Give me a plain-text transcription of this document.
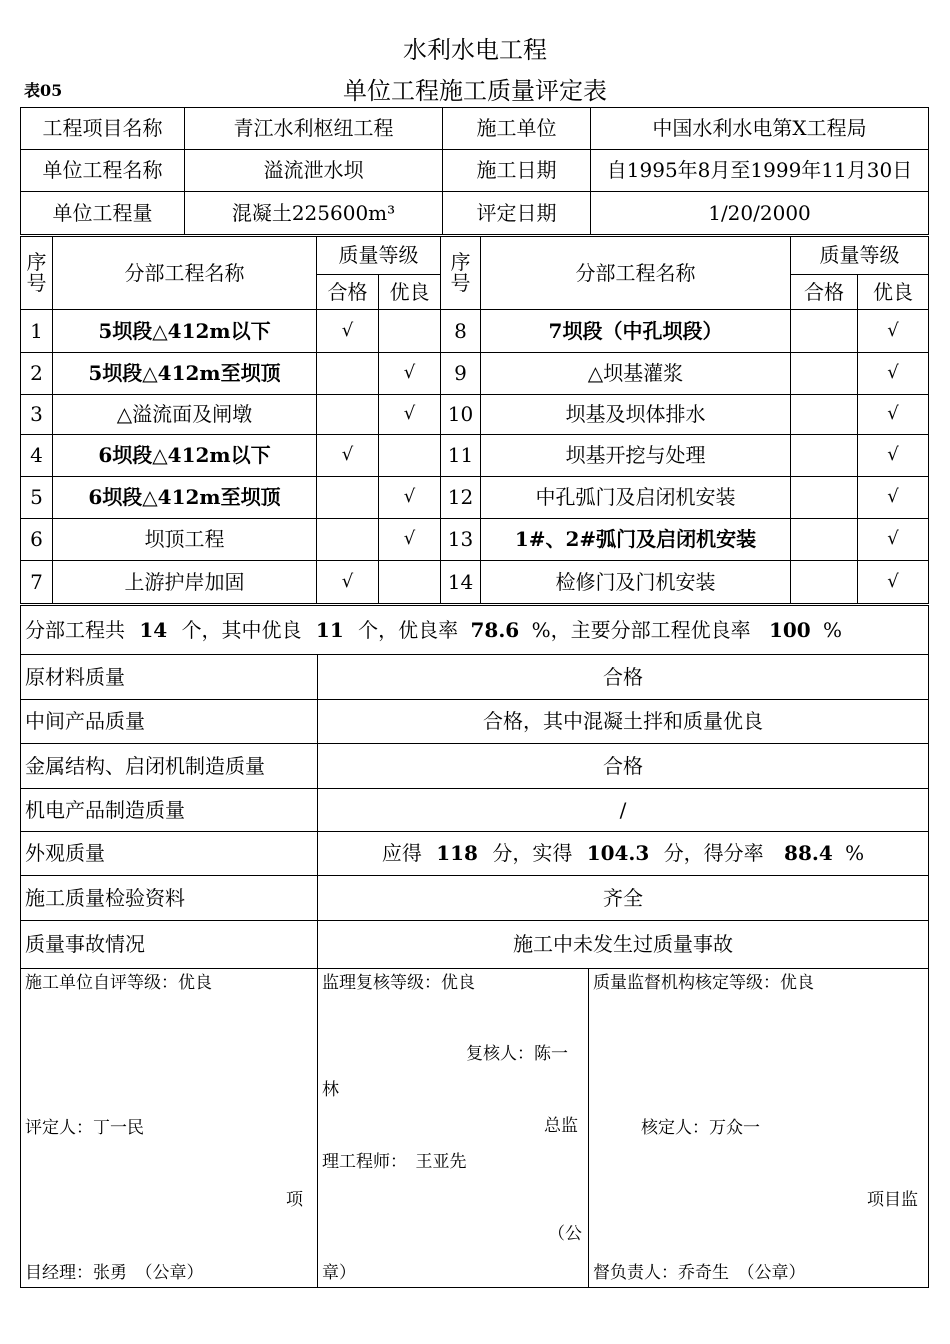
水利水电工程
单位工程施工质量评定表
表05
工程项目名称	青江水利枢纽工程	施工单位	中国水利水电第X工程局
单位工程名称	溢流泄水坝	施工日期	自1995年8月至1999年11月30日
单位工程量	混凝土225600m³	评定日期	1/20/2000
序号	分部工程名称	质量等级		序号	分部工程名称	质量等级	
		合格	优良			合格	优良
1	5坝段△412m以下	√		8	7坝段（中孔坝段）		√
2	5坝段△412m至坝顶		√	9	△坝基灌浆		√
3	△溢流面及闸墩		√	10	坝基及坝体排水		√
4	6坝段△412m以下	√		11	坝基开挖与处理		√
5	6坝段△412m至坝顶		√	12	中孔弧门及启闭机安装		√
6	坝顶工程		√	13	1#、2#弧门及启闭机安装		√
7	上游护岸加固	√		14	检修门及门机安装		√
分部工程共 14 个，其中优良 11 个，优良率 78.6 %，主要分部工程优良率 100 %	
原材料质量	合格
中间产品质量	合格，其中混凝土拌和质量优良
金属结构、启闭机制造质量	合格
机电产品制造质量	/
外观质量	应得 118 分，实得 104.3 分，得分率 88.4 %
施工质量检验资料	齐全
质量事故情况	施工中未发生过质量事故
施工单位自评等级：优良
评定人：丁一民
项
目经理：张勇　（公章）

监理复核等级：优良
复核人：陈一
林
总监
理工程师：　王亚先
（公
章）

质量监督机构核定等级：优良
核定人：万众一
项目监
督负责人：乔奇生　（公章）
